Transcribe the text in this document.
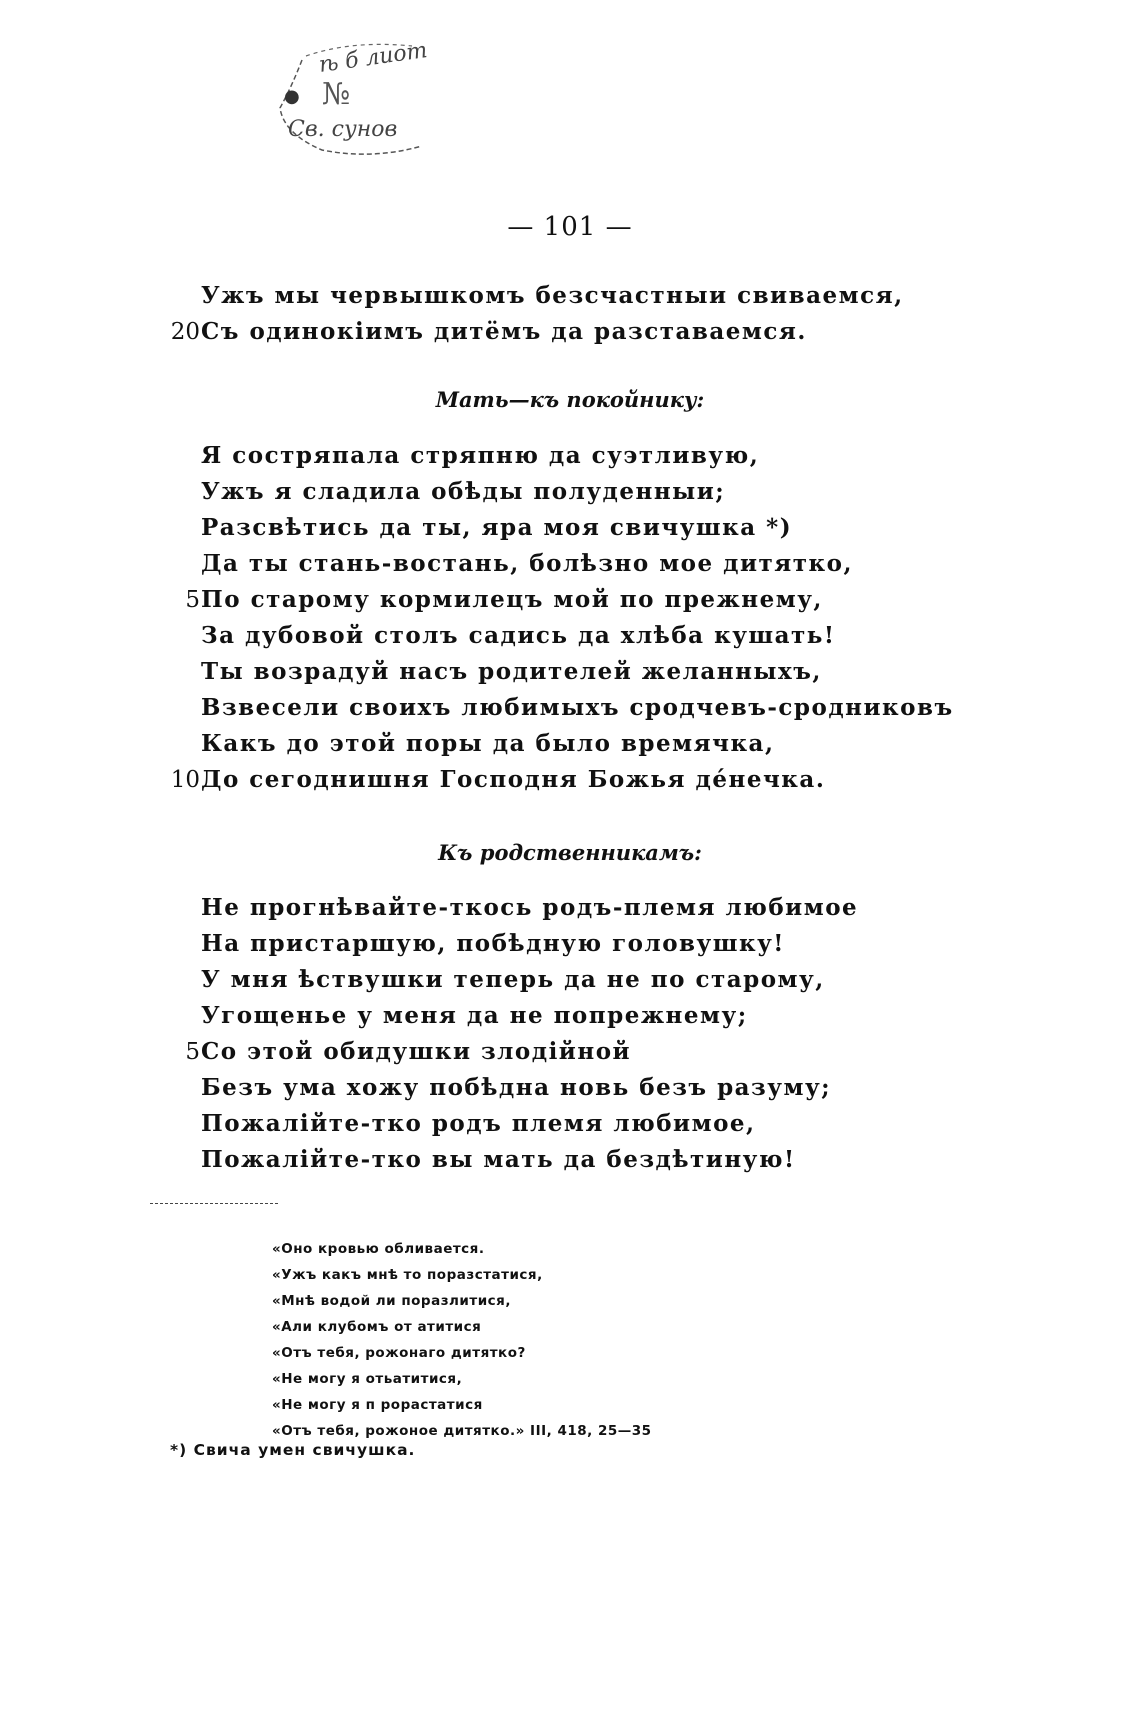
ѣ б лиот
● №
Св. сунов
— 101 —
Ужъ мы червышкомъ безсчастныи свиваемся,
20 Съ одинокіимъ дитёмъ да разставаемся.
Мать—къ покойнику:
Я состряпала стряпню да суэтливую,
Ужъ я сладила обѣды полуденныи;
Разсвѣтись да ты, яра моя свичушка *)
Да ты стань-востань, болѣзно мое дитятко,
5 По старому кормилецъ мой по прежнему,
За дубовой столъ садись да хлѣба кушать!
Ты возрадуй насъ родителей желанныхъ,
Взвесели своихъ любимыхъ сродчевъ-сродниковъ
Какъ до этой поры да было времячка,
10 До сегоднишня Господня Божья дéнечка.
Къ родственникамъ:
Не прогнѣвайте-ткось родъ-племя любимое
На пристаршую, побѣдную головушку!
У мня ѣствушки теперь да не по старому,
Угощенье у меня да не попрежнему;
5 Со этой обидушки злодійной
Безъ ума хожу побѣдна новь безъ разуму;
Пожалійте-тко родъ племя любимое,
Пожалійте-тко вы мать да бездѣтиную!
«Оно кровью обливается.
«Ужъ какъ мнѣ то поразстатися,
«Мнѣ водой ли поразлитися,
«Али клубомъ от атитися
«Отъ тебя, рожонаго дитятко?
«Не могу я отьатитися,
«Не могу я п рорастатися
«Отъ тебя, рожоное дитятко.» III, 418, 25—35
*) Свича умен свичушка.
